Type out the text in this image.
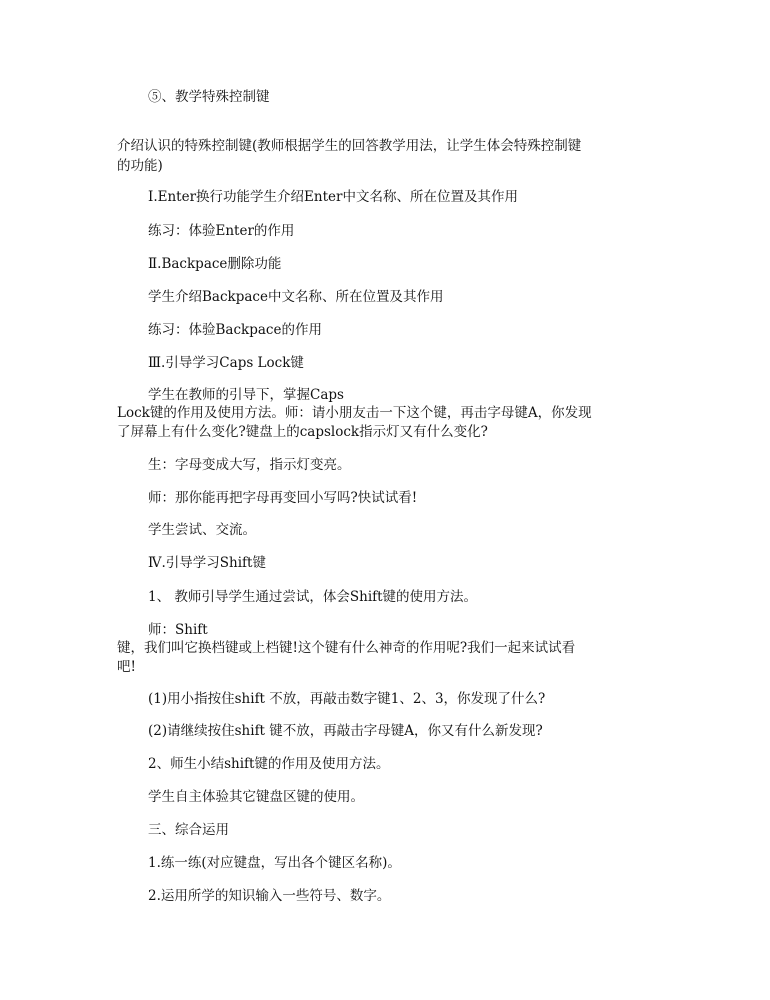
⑤、教学特殊控制键

介绍认识的特殊控制键(教师根据学生的回答教学用法，让学生体会特殊控制键

的功能)

Ⅰ.Enter换行功能学生介绍Enter中文名称、所在位置及其作用

练习：体验Enter的作用

Ⅱ.Backpace删除功能

学生介绍Backpace中文名称、所在位置及其作用

练习：体验Backpace的作用

Ⅲ.引导学习Caps Lock键

学生在教师的引导下，掌握Caps

Lock键的作用及使用方法。师：请小朋友击一下这个键，再击字母键A，你发现

了屏幕上有什么变化?键盘上的capslock指示灯又有什么变化?

生：字母变成大写，指示灯变亮。

师：那你能再把字母再变回小写吗?快试试看!

学生尝试、交流。

Ⅳ.引导学习Shift键

1、 教师引导学生通过尝试，体会Shift键的使用方法。

师：Shift

键，我们叫它换档键或上档键!这个键有什么神奇的作用呢?我们一起来试试看

吧!

(1)用小指按住shift 不放，再敲击数字键1、2、3，你发现了什么?

(2)请继续按住shift 键不放，再敲击字母键A，你又有什么新发现?

2、师生小结shift键的作用及使用方法。

学生自主体验其它键盘区键的使用。

三、综合运用

1.练一练(对应键盘，写出各个键区名称)。

2.运用所学的知识输入一些符号、数字。
